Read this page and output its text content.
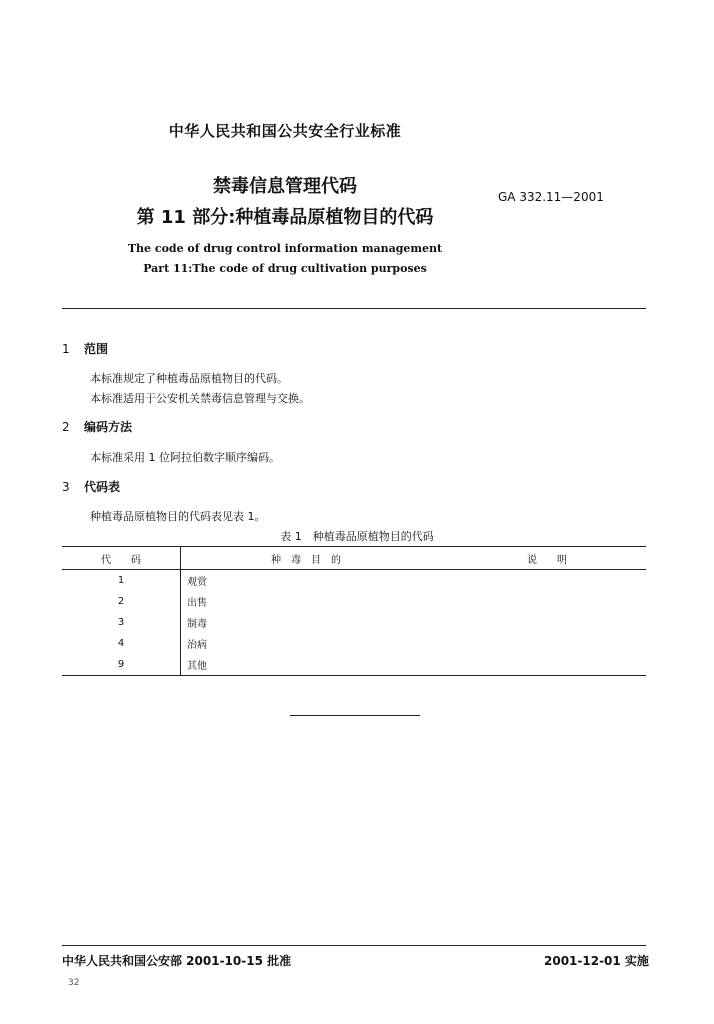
中华人民共和国公共安全行业标准
禁毒信息管理代码
第 11 部分:种植毒品原植物目的代码
GA 332.11—2001
The code of drug control information management
Part 11:The code of drug cultivation purposes
1 范围
本标准规定了种植毒品原植物目的代码。
本标准适用于公安机关禁毒信息管理与交换。
2 编码方法
本标准采用 1 位阿拉伯数字顺序编码。
3 代码表
种植毒品原植物目的代码表见表 1。
表 1　种植毒品原植物目的代码
代　　码	种　毒　目　的	说　　明
1	观赏	
2	出售	
3	制毒	
4	治病	
9	其他	
中华人民共和国公安部 2001-10-15 批准	2001-12-01 实施
32
